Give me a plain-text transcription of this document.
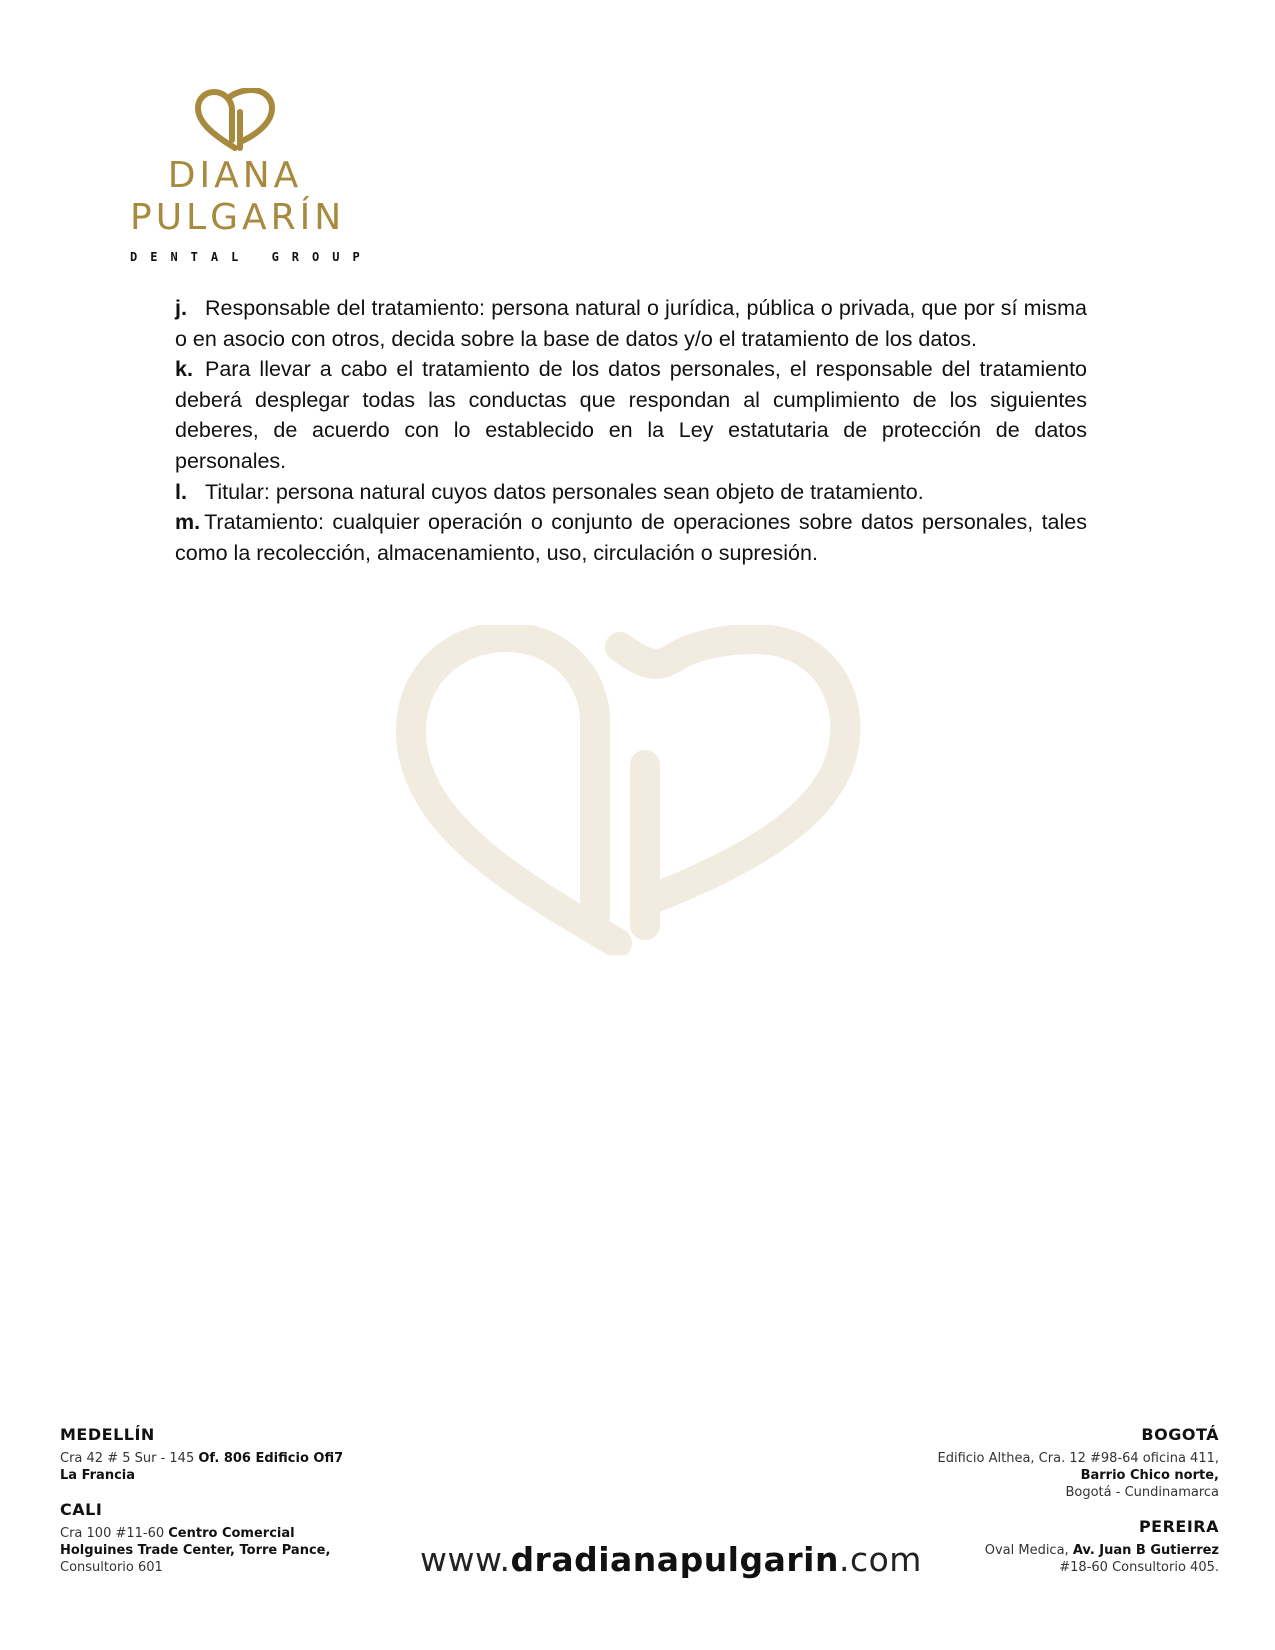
DIANA
PULGARÍN
DENTAL GROUP

j. Responsable del tratamiento: persona natural o jurídica, pública o privada, que por sí misma o en asocio con otros, decida sobre la base de datos y/o el tratamiento de los datos.

k. Para llevar a cabo el tratamiento de los datos personales, el responsable del tratamiento deberá desplegar todas las conductas que respondan al cumplimiento de los siguientes deberes, de acuerdo con lo establecido en la Ley estatutaria de protección de datos personales.

l. Titular: persona natural cuyos datos personales sean objeto de tratamiento.

m. Tratamiento: cualquier operación o conjunto de operaciones sobre datos personales, tales como la recolección, almacenamiento, uso, circulación o supresión.

MEDELLÍN
Cra 42 # 5 Sur - 145 Of. 806 Edificio Ofi7
La Francia
CALI
Cra 100 #11-60 Centro Comercial
Holguines Trade Center, Torre Pance,
Consultorio 601	www.dradianapulgarin.com
BOGOTÁ
Edificio Althea, Cra. 12 #98-64 oficina 411,
Barrio Chico norte,
Bogotá - Cundinamarca
PEREIRA
Oval Medica, Av. Juan B Gutierrez
#18-60 Consultorio 405.
